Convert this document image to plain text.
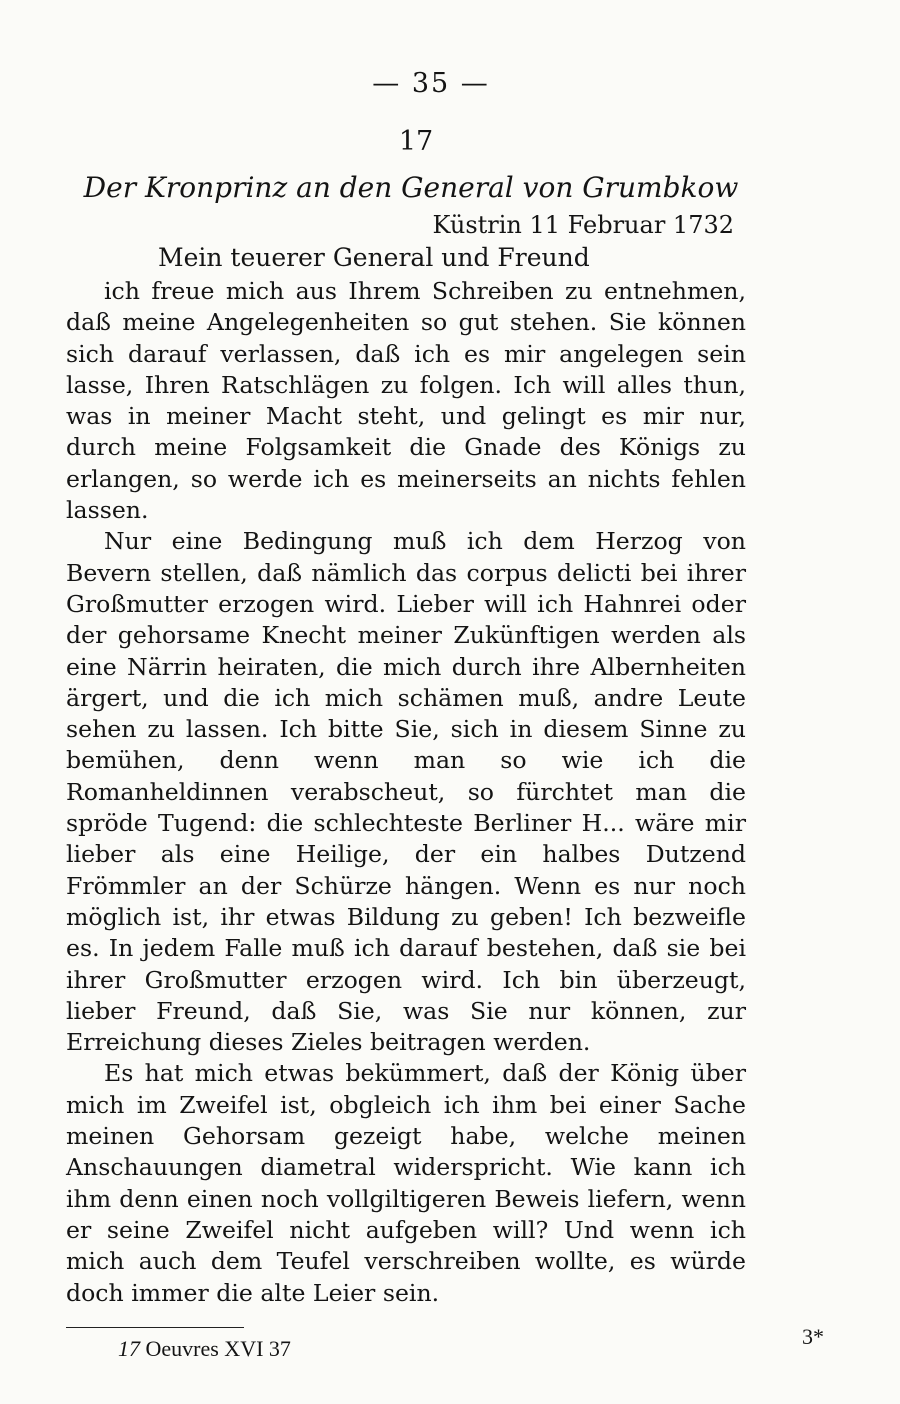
— 35 —
17
Der Kronprinz an den General von Grumbkow
Küstrin 11 Februar 1732
Mein teuerer General und Freund

ich freue mich aus Ihrem Schreiben zu entnehmen, daß meine Angelegenheiten so gut stehen. Sie können sich darauf verlassen, daß ich es mir angelegen sein lasse, Ihren Ratschlägen zu folgen. Ich will alles thun, was in meiner Macht steht, und gelingt es mir nur, durch meine Folgsamkeit die Gnade des Königs zu erlangen, so werde ich es meinerseits an nichts fehlen lassen.

Nur eine Bedingung muß ich dem Herzog von Bevern stellen, daß nämlich das corpus delicti bei ihrer Großmutter erzogen wird. Lieber will ich Hahnrei oder der gehorsame Knecht meiner Zukünftigen werden als eine Närrin heiraten, die mich durch ihre Albernheiten ärgert, und die ich mich schämen muß, andre Leute sehen zu lassen. Ich bitte Sie, sich in diesem Sinne zu bemühen, denn wenn man so wie ich die Romanheldinnen verabscheut, so fürchtet man die spröde Tugend: die schlechteste Berliner H... wäre mir lieber als eine Heilige, der ein halbes Dutzend Frömmler an der Schürze hängen. Wenn es nur noch möglich ist, ihr etwas Bildung zu geben! Ich bezweifle es. In jedem Falle muß ich darauf bestehen, daß sie bei ihrer Großmutter erzogen wird. Ich bin überzeugt, lieber Freund, daß Sie, was Sie nur können, zur Erreichung dieses Zieles beitragen werden.

Es hat mich etwas bekümmert, daß der König über mich im Zweifel ist, obgleich ich ihm bei einer Sache meinen Gehorsam gezeigt habe, welche meinen Anschauungen diametral widerspricht. Wie kann ich ihm denn einen noch vollgiltigeren Beweis liefern, wenn er seine Zweifel nicht aufgeben will? Und wenn ich mich auch dem Teufel verschreiben wollte, es würde doch immer die alte Leier sein.

17 Oeuvres XVI 37	3*
